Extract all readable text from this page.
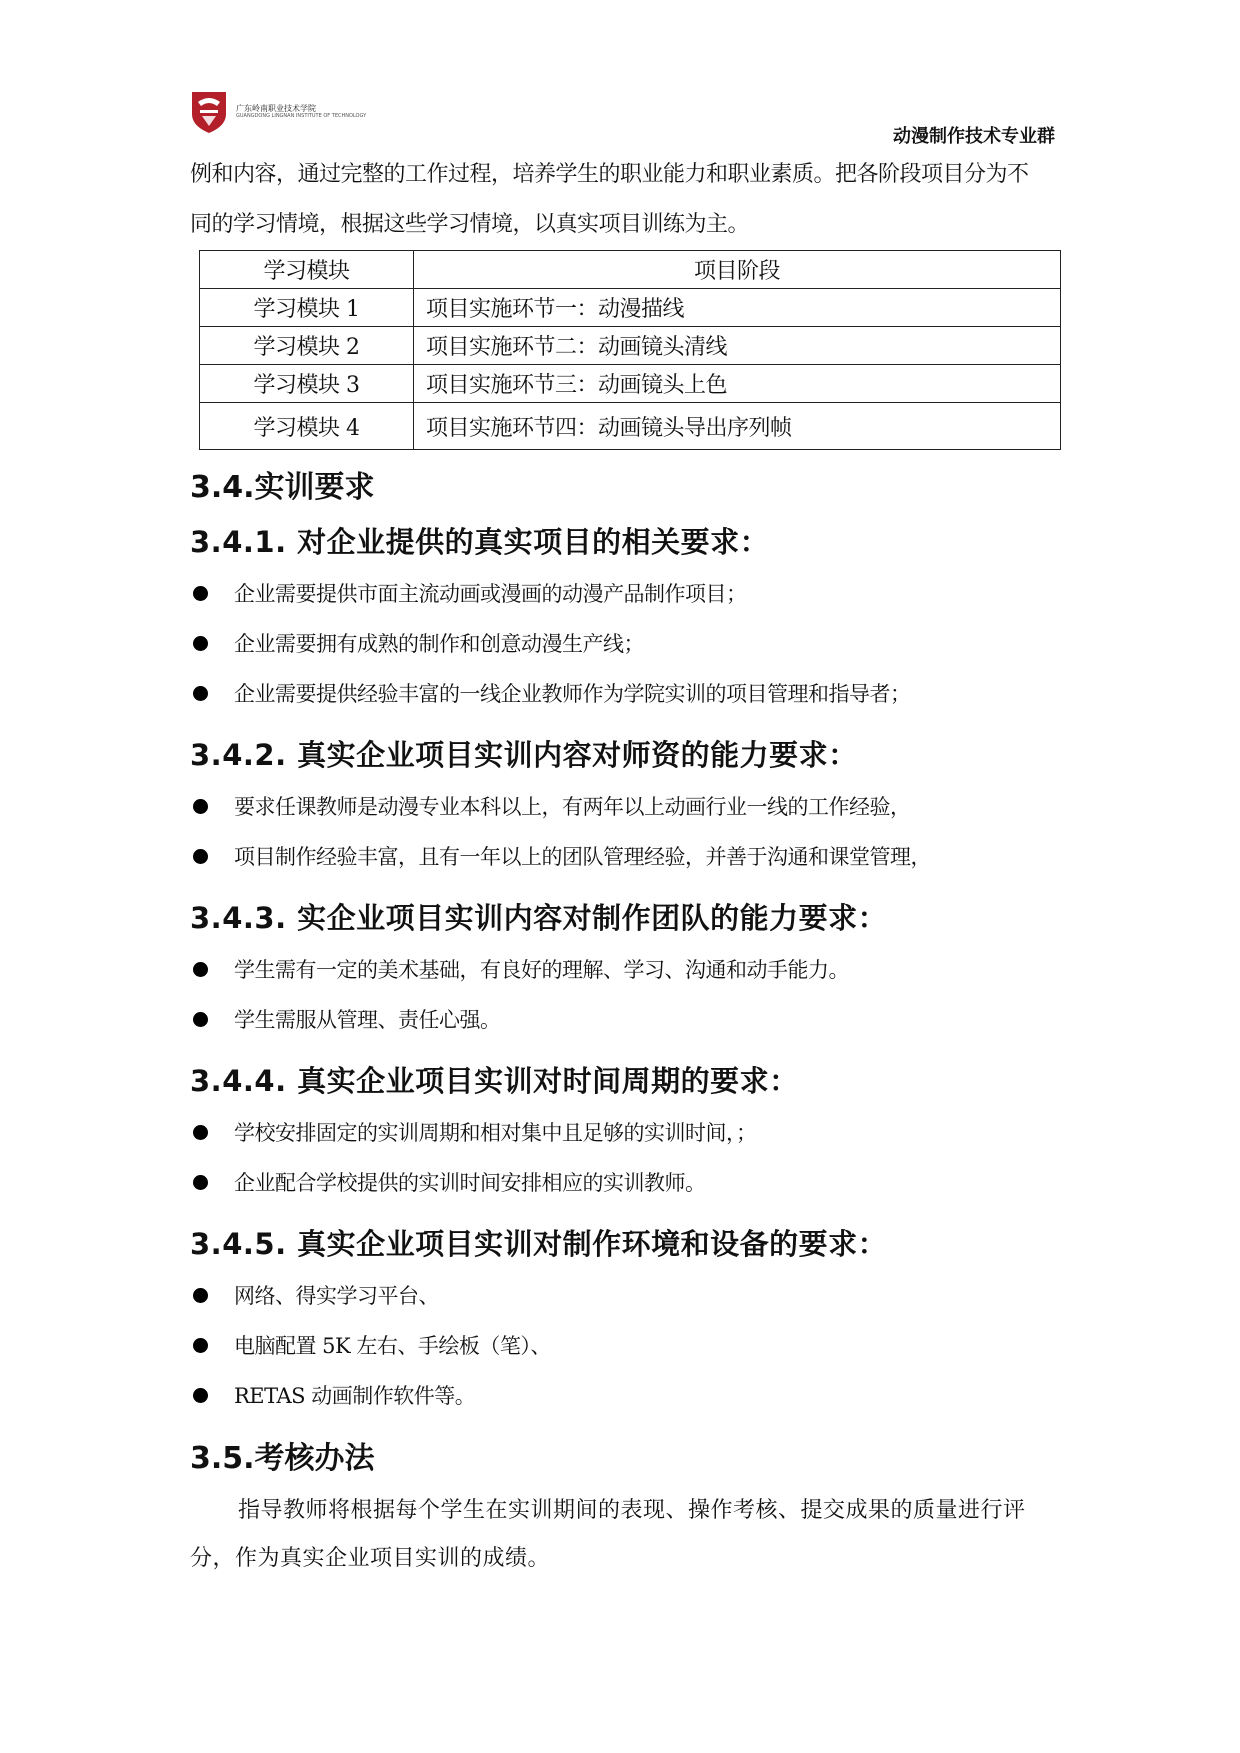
广东岭南职业技术学院
GUANGDONG LINGNAN INSTITUTE OF TECHNOLOGY
动漫制作技术专业群

例和内容，通过完整的工作过程，培养学生的职业能力和职业素质。把各阶段项目分为不

同的学习情境，根据这些学习情境，以真实项目训练为主。

学习模块	项目阶段
学习模块 1	项目实施环节一：动漫描线
学习模块 2	项目实施环节二：动画镜头清线
学习模块 3	项目实施环节三：动画镜头上色
学习模块 4	项目实施环节四：动画镜头导出序列帧
3.4.实训要求
3.4.1. 对企业提供的真实项目的相关要求：
企业需要提供市面主流动画或漫画的动漫产品制作项目；
企业需要拥有成熟的制作和创意动漫生产线；
企业需要提供经验丰富的一线企业教师作为学院实训的项目管理和指导者；
3.4.2. 真实企业项目实训内容对师资的能力要求：
要求任课教师是动漫专业本科以上，有两年以上动画行业一线的工作经验，
项目制作经验丰富，且有一年以上的团队管理经验，并善于沟通和课堂管理，
3.4.3. 实企业项目实训内容对制作团队的能力要求：
学生需有一定的美术基础，有良好的理解、学习、沟通和动手能力。
学生需服从管理、责任心强。
3.4.4. 真实企业项目实训对时间周期的要求：
学校安排固定的实训周期和相对集中且足够的实训时间，；
企业配合学校提供的实训时间安排相应的实训教师。
3.4.5. 真实企业项目实训对制作环境和设备的要求：
网络、得实学习平台、
电脑配置 5K 左右、手绘板（笔）、
RETAS 动画制作软件等。
3.5.考核办法

指导教师将根据每个学生在实训期间的表现、操作考核、提交成果的质量进行评分，作为真实企业项目实训的成绩。
